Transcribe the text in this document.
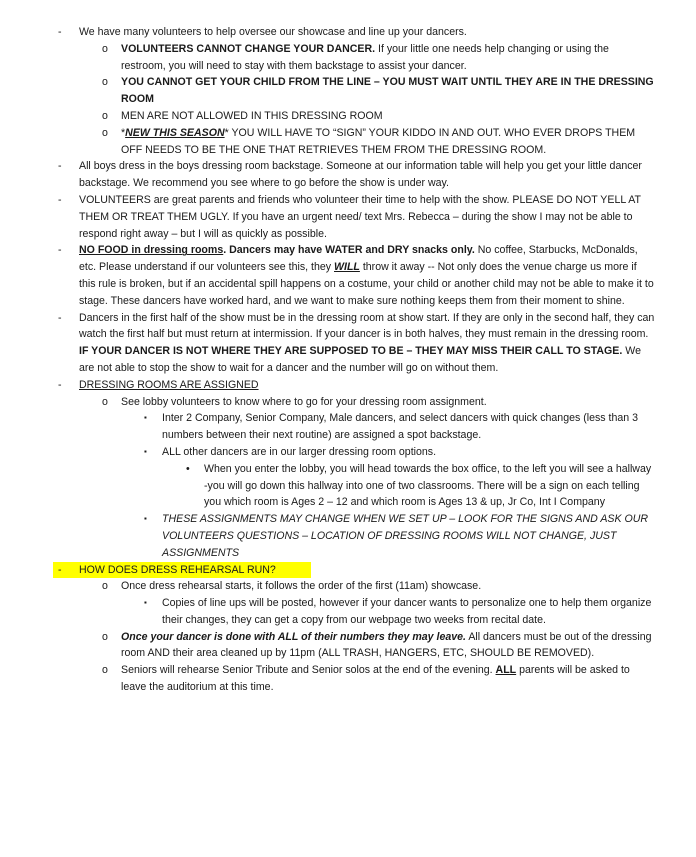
- We have many volunteers to help oversee our showcase and line up your dancers.
o VOLUNTEERS CANNOT CHANGE YOUR DANCER. If your little one needs help changing or using the restroom, you will need to stay with them backstage to assist your dancer.
o YOU CANNOT GET YOUR CHILD FROM THE LINE – YOU MUST WAIT UNTIL THEY ARE IN THE DRESSING ROOM
o MEN ARE NOT ALLOWED IN THIS DRESSING ROOM
o *NEW THIS SEASON* YOU WILL HAVE TO “SIGN” YOUR KIDDO IN AND OUT. WHO EVER DROPS THEM OFF NEEDS TO BE THE ONE THAT RETRIEVES THEM FROM THE DRESSING ROOM.
- All boys dress in the boys dressing room backstage. Someone at our information table will help you get your little dancer backstage. We recommend you see where to go before the show is under way.
- VOLUNTEERS are great parents and friends who volunteer their time to help with the show. PLEASE DO NOT YELL AT THEM OR TREAT THEM UGLY. If you have an urgent need/ text Mrs. Rebecca – during the show I may not be able to respond right away – but I will as quickly as possible.
- NO FOOD in dressing rooms. Dancers may have WATER and DRY snacks only. No coffee, Starbucks, McDonalds, etc. Please understand if our volunteers see this, they WILL throw it away -- Not only does the venue charge us more if this rule is broken, but if an accidental spill happens on a costume, your child or another child may not be able to make it to stage. These dancers have worked hard, and we want to make sure nothing keeps them from their moment to shine.
- Dancers in the first half of the show must be in the dressing room at show start. If they are only in the second half, they can watch the first half but must return at intermission. If your dancer is in both halves, they must remain in the dressing room. IF YOUR DANCER IS NOT WHERE THEY ARE SUPPOSED TO BE – THEY MAY MISS THEIR CALL TO STAGE. We are not able to stop the show to wait for a dancer and the number will go on without them.
- DRESSING ROOMS ARE ASSIGNED
o See lobby volunteers to know where to go for your dressing room assignment.
▪ Inter 2 Company, Senior Company, Male dancers, and select dancers with quick changes (less than 3 numbers between their next routine) are assigned a spot backstage.
▪ ALL other dancers are in our larger dressing room options.
• When you enter the lobby, you will head towards the box office, to the left you will see a hallway -you will go down this hallway into one of two classrooms. There will be a sign on each telling you which room is Ages 2 – 12 and which room is Ages 13 & up, Jr Co, Int I Company
▪ THESE ASSIGNMENTS MAY CHANGE WHEN WE SET UP – LOOK FOR THE SIGNS AND ASK OUR VOLUNTEERS QUESTIONS – LOCATION OF DRESSING ROOMS WILL NOT CHANGE, JUST ASSIGNMENTS
- HOW DOES DRESS REHEARSAL RUN?
o Once dress rehearsal starts, it follows the order of the first (11am) showcase.
▪ Copies of line ups will be posted, however if your dancer wants to personalize one to help them organize their changes, they can get a copy from our webpage two weeks from recital date.
o Once your dancer is done with ALL of their numbers they may leave. All dancers must be out of the dressing room AND their area cleaned up by 11pm (ALL TRASH, HANGERS, ETC, SHOULD BE REMOVED).
o Seniors will rehearse Senior Tribute and Senior solos at the end of the evening. ALL parents will be asked to leave the auditorium at this time.
